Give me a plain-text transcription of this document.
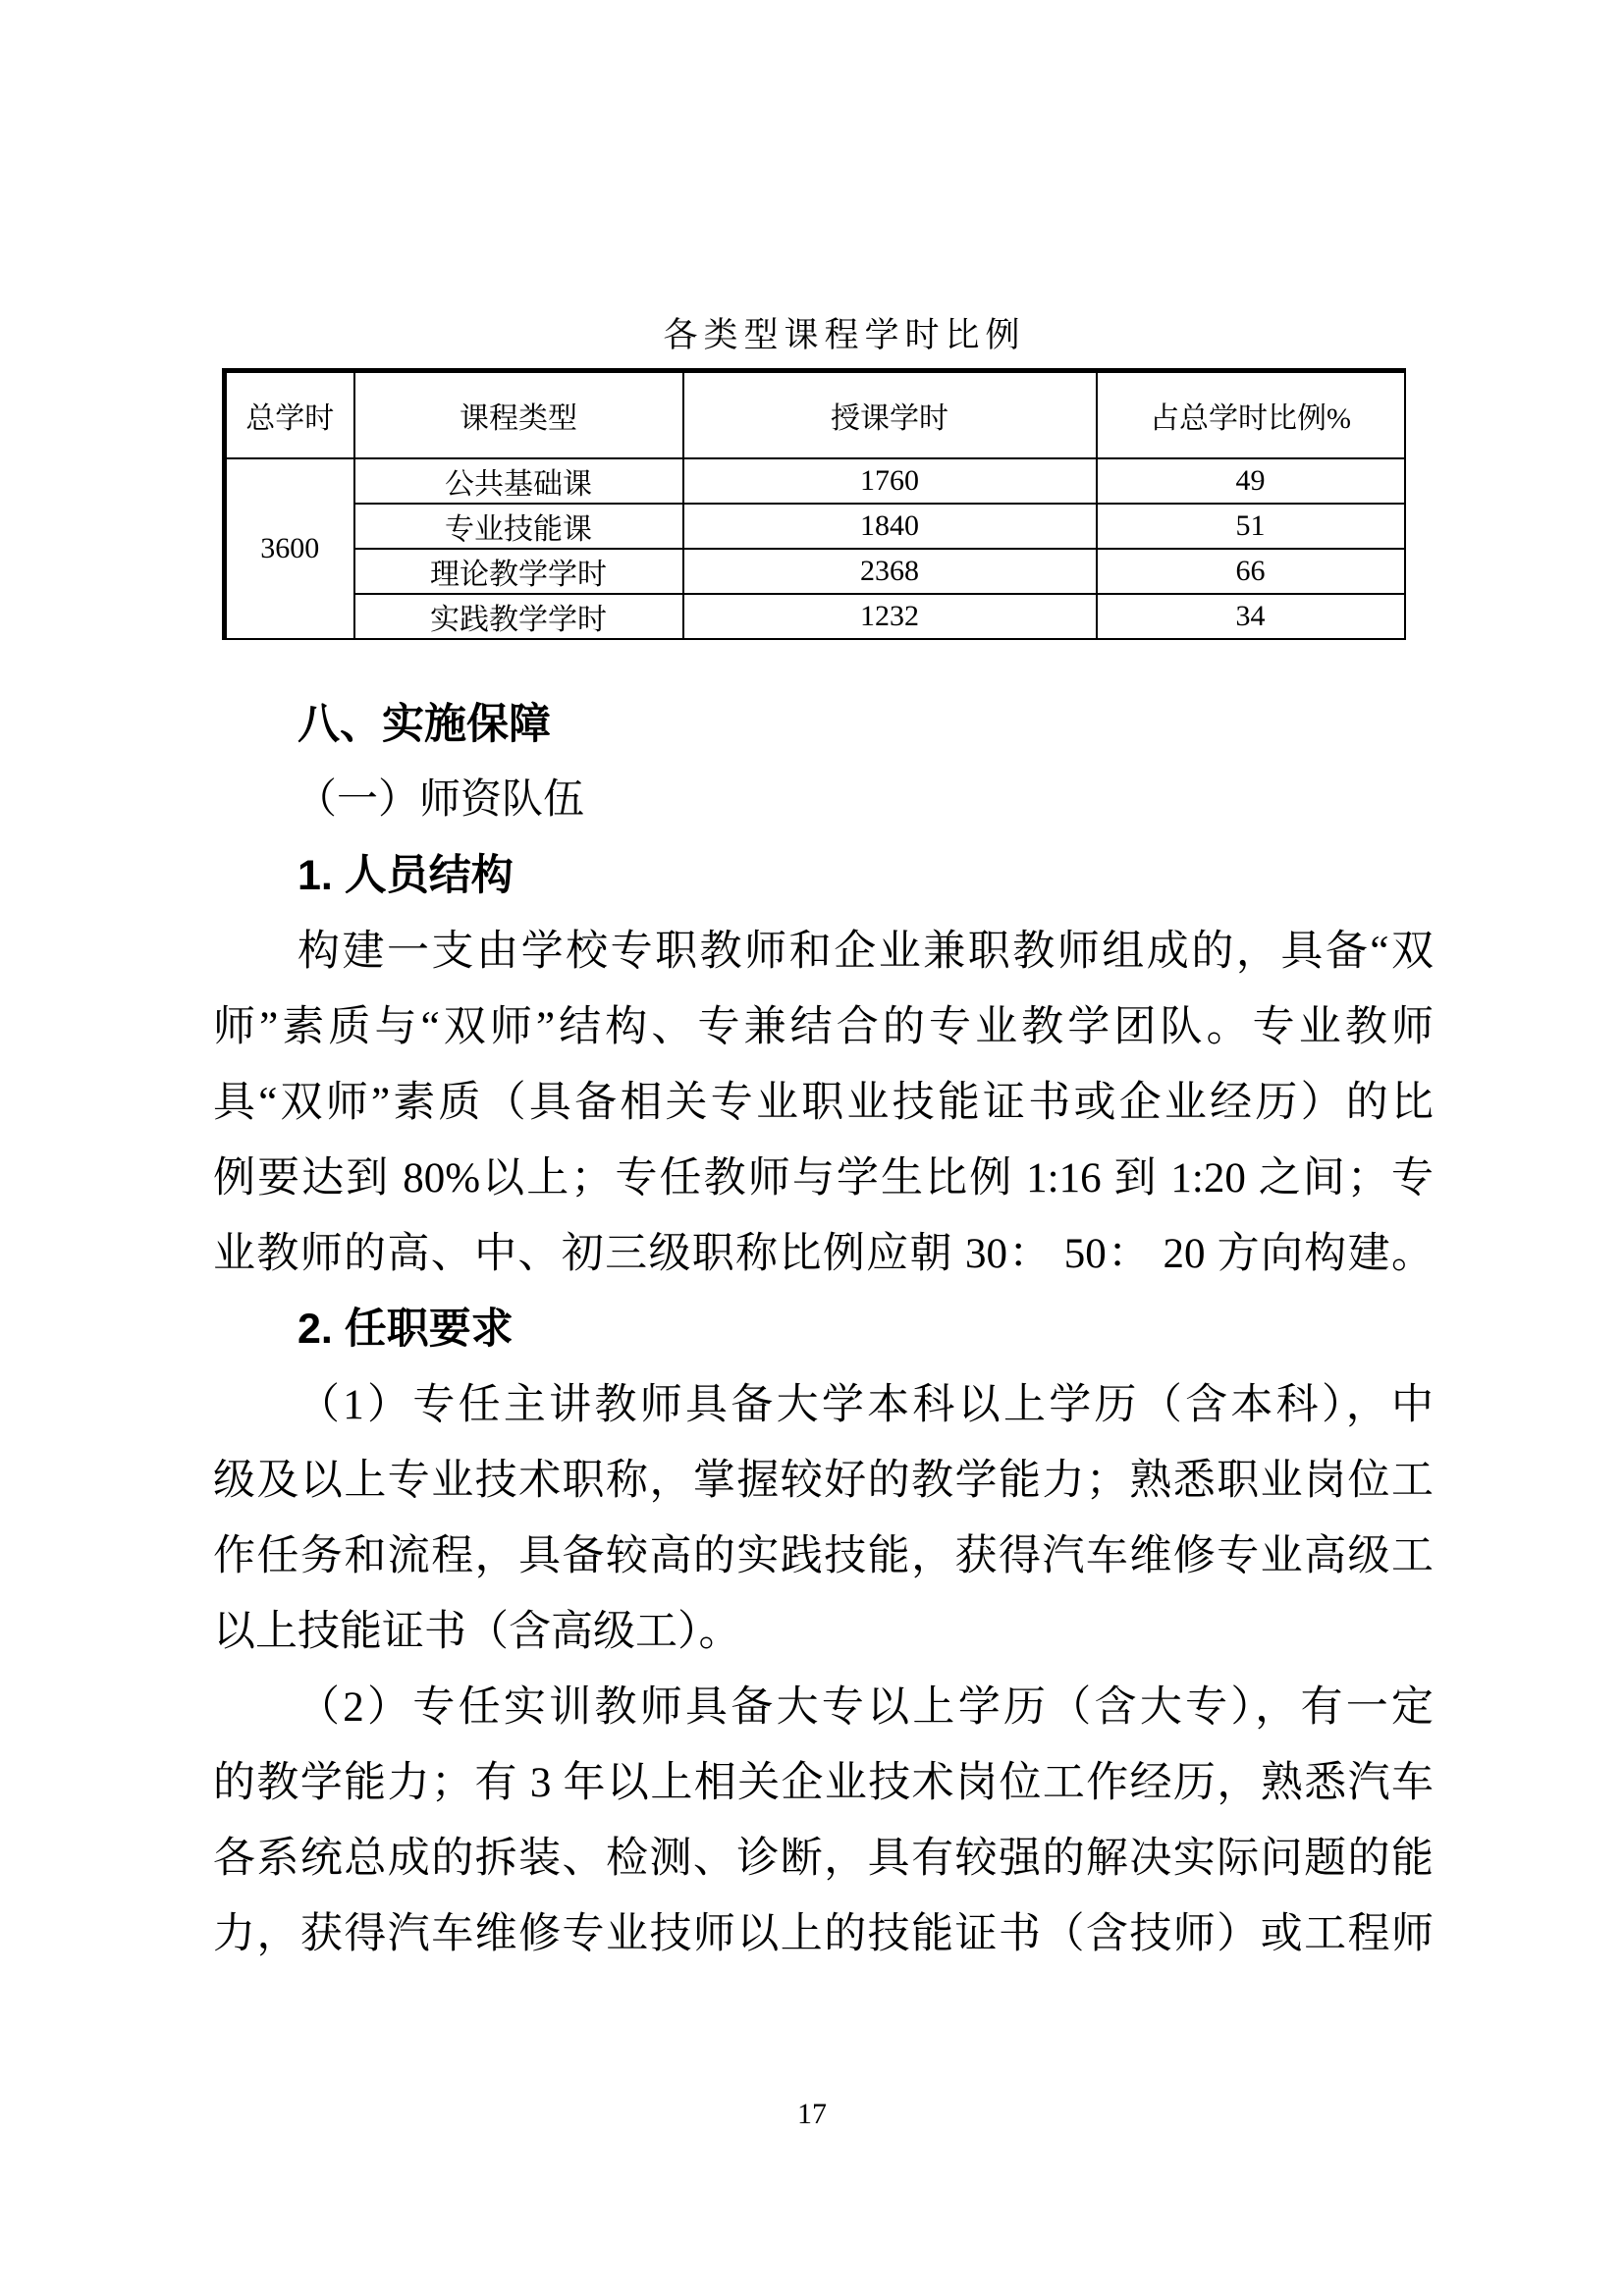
各类型课程学时比例
总学时	课程类型	授课学时	占总学时比例%
3600	公共基础课	1760	49
	专业技能课	1840	51
	理论教学学时	2368	66
	实践教学学时	1232	34
八、实施保障
（一）师资队伍
1. 人员结构
构建一支由学校专职教师和企业兼职教师组成的，具备“双
师”素质与“双师”结构、专兼结合的专业教学团队。专业教师
具“双师”素质（具备相关专业职业技能证书或企业经历）的比
例要达到 80%以上；专任教师与学生比例 1:16 到 1:20 之间；专
业教师的高、中、初三级职称比例应朝 30： 50： 20 方向构建。
2. 任职要求
（1）专任主讲教师具备大学本科以上学历（含本科），中
级及以上专业技术职称，掌握较好的教学能力；熟悉职业岗位工
作任务和流程，具备较高的实践技能，获得汽车维修专业高级工
以上技能证书（含高级工）。
（2）专任实训教师具备大专以上学历（含大专），有一定
的教学能力；有 3 年以上相关企业技术岗位工作经历，熟悉汽车
各系统总成的拆装、检测、诊断，具有较强的解决实际问题的能
力，获得汽车维修专业技师以上的技能证书（含技师）或工程师
17
